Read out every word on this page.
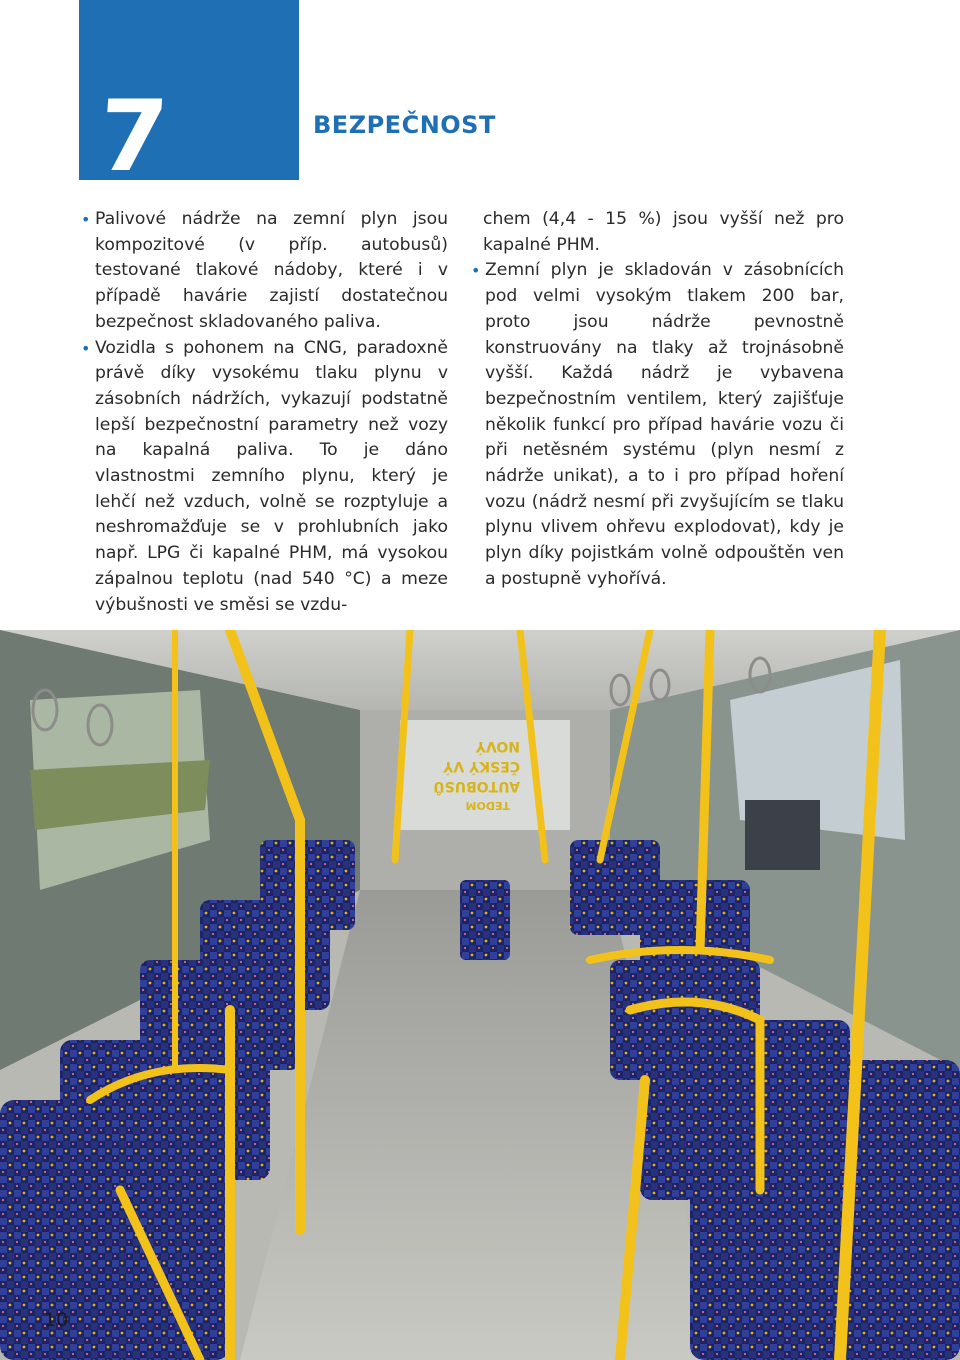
7	BEZPEČNOST

• Palivové nádrže na zemní plyn jsou kompozitové (v příp. autobusů) testované tlakové nádoby, které i v případě havárie zajistí dostatečnou bezpečnost skladovaného paliva.

• Vozidla s pohonem na CNG, paradoxně právě díky vysokému tlaku plynu v zásobních nádržích, vykazují podstatně lepší bezpečnostní parametry než vozy na kapalná paliva. To je dáno vlastnostmi zemního plynu, který je lehčí než vzduch, volně se rozptyluje a neshromažďuje se v prohlubních jako např. LPG či kapalné PHM, má vysokou zápalnou teplotu (nad 540 °C) a meze výbušnosti ve směsi se vzdu-

chem (4,4 - 15 %) jsou vyšší než pro kapalné PHM.

• Zemní plyn je skladován v zásobnících pod velmi vysokým tlakem 200 bar, proto jsou nádrže pevnostně konstruovány na tlaky až trojnásobně vyšší. Každá nádrž je vybavena bezpečnostním ventilem, který zajišťuje několik funkcí pro případ havárie vozu či při netěsném systému (plyn nesmí z nádrže unikat), a to i pro případ hoření vozu (nádrž nesmí při zvyšujícím se tlaku plynu vlivem ohřevu explodovat), kdy je plyn díky pojistkám volně odpouštěn ven a postupně vyhořívá.

NOVÝ
ČESKÝ VÝ
AUTOBUSŮ
TEDOM
10
